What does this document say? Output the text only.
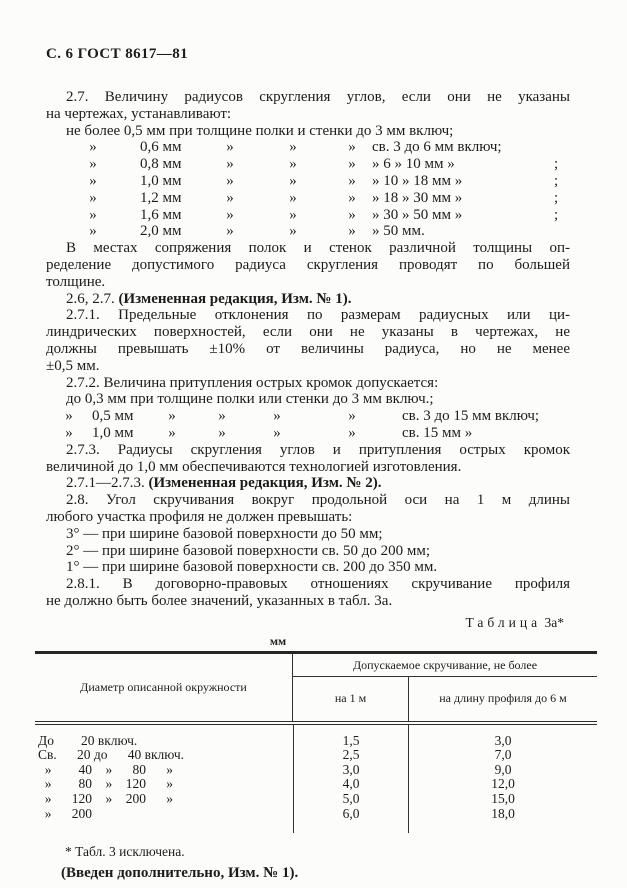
С. 6 ГОСТ 8617—81
2.7. Величину радиусов скругления углов, если они не указаны
на чертежах, устанавливают:
не более 0,5 мм при толщине полки и стенки до 3 мм включ;
»	0,6 мм	»	»	»	св. 3 до 6 мм включ;
»	0,8 мм	»	»	»	» 6 » 10 мм »	;
»	1,0 мм	»	»	»	» 10 » 18 мм »	;
»	1,2 мм	»	»	»	» 18 » 30 мм »	;
»	1,6 мм	»	»	»	» 30 » 50 мм »	;
»	2,0 мм	»	»	»	» 50 мм.
В местах сопряжения полок и стенок различной толщины оп-
ределение допустимого радиуса скругления проводят по большей
толщине.
2.6, 2.7. (Измененная редакция, Изм. № 1).
2.7.1. Предельные отклонения по размерам радиусных или ци-
линдрических поверхностей, если они не указаны в чертежах, не
должны превышать ±10% от величины радиуса, но не менее
±0,5 мм.
2.7.2. Величина притупления острых кромок допускается:
до 0,3 мм при толщине полки или стенки до 3 мм включ.;
»	0,5 мм	»	»	»	»	св. 3 до 15 мм включ;
»	1,0 мм	»	»	»	»	св. 15 мм »
2.7.3. Радиусы скругления углов и притупления острых кромок
величиной до 1,0 мм обеспечиваются технологией изготовления.
2.7.1—2.7.3. (Измененная редакция, Изм. № 2).
2.8. Угол скручивания вокруг продольной оси на 1 м длины
любого участка профиля не должен превышать:
3° — при ширине базовой поверхности до 50 мм;
2° — при ширине базовой поверхности св. 50 до 200 мм;
1° — при ширине базовой поверхности св. 200 до 350 мм.
2.8.1. В договорно-правовых отношениях скручивание профиля
не должно быть более значений, указанных в табл. 3а.
Таблица 3а*
мм
Диаметр описанной окружности
Допускаемое скручивание, не более
на 1 м	на длину профиля до 6 м
До        20 включ.	1,5	3,0
Св.      20 до      40 включ.	2,5	7,0
»        40    »      80      »	3,0	9,0
»        80    »    120      »	4,0	12,0
»      120    »    200      »	5,0	15,0
»      200	6,0	18,0
* Табл. 3 исключена.
(Введен дополнительно, Изм. № 1).
